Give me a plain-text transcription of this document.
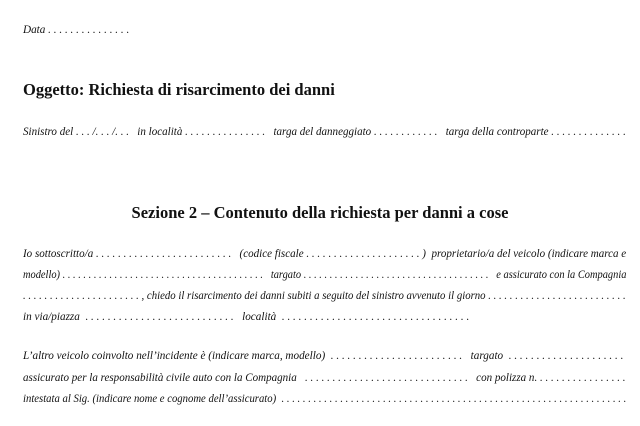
Data . . . . . . . . . . . . . . .
Oggetto: Richiesta di risarcimento dei danni
Sinistro del . . . /. . . /. . .   in località . . . . . . . . . . . . . . .   targa del danneggiato . . . . . . . . . . . .   targa della controparte . . . . . . . . . . . . . .
Sezione 2 – Contenuto della richiesta per danni a cose
Io sottoscritto/a . . . . . . . . . . . . . . . . . . . . . . . . .   (codice fiscale . . . . . . . . . . . . . . . . . . . . . )  proprietario/a del veicolo (indicare marca e
modello) . . . . . . . . . . . . . . . . . . . . . . . . . . . . . . . . . . . . . . .   targato . . . . . . . . . . . . . . . . . . . . . . . . . . . . . . . . . . . .   e assicurato con la Compagnia
. . . . . . . . . . . . . . . . . . . . . . , chiedo il risarcimento dei danni subiti a seguito del sinistro avvenuto il giorno . . . . . . . . . . . . . . . . . . . . . . . . . .
in via/piazza  . . . . . . . . . . . . . . . . . . . . . . . . . . .   località  . . . . . . . . . . . . . . . . . . . . . . . . . . . . . . . . . .
L’altro veicolo coinvolto nell’incidente è (indicare marca, modello)  . . . . . . . . . . . . . . . . . . . . . . . .   targato  . . . . . . . . . . . . . . . . . . . . .
assicurato per la responsabilità civile auto con la Compagnia   . . . . . . . . . . . . . . . . . . . . . . . . . . . . . .   con polizza n. . . . . . . . . . . . . . . . .
intestata al Sig. (indicare nome e cognome dell’assicurato)  . . . . . . . . . . . . . . . . . . . . . . . . . . . . . . . . . . . . . . . . . . . . . . . . . . . . . . . . . . . . . . . . .
